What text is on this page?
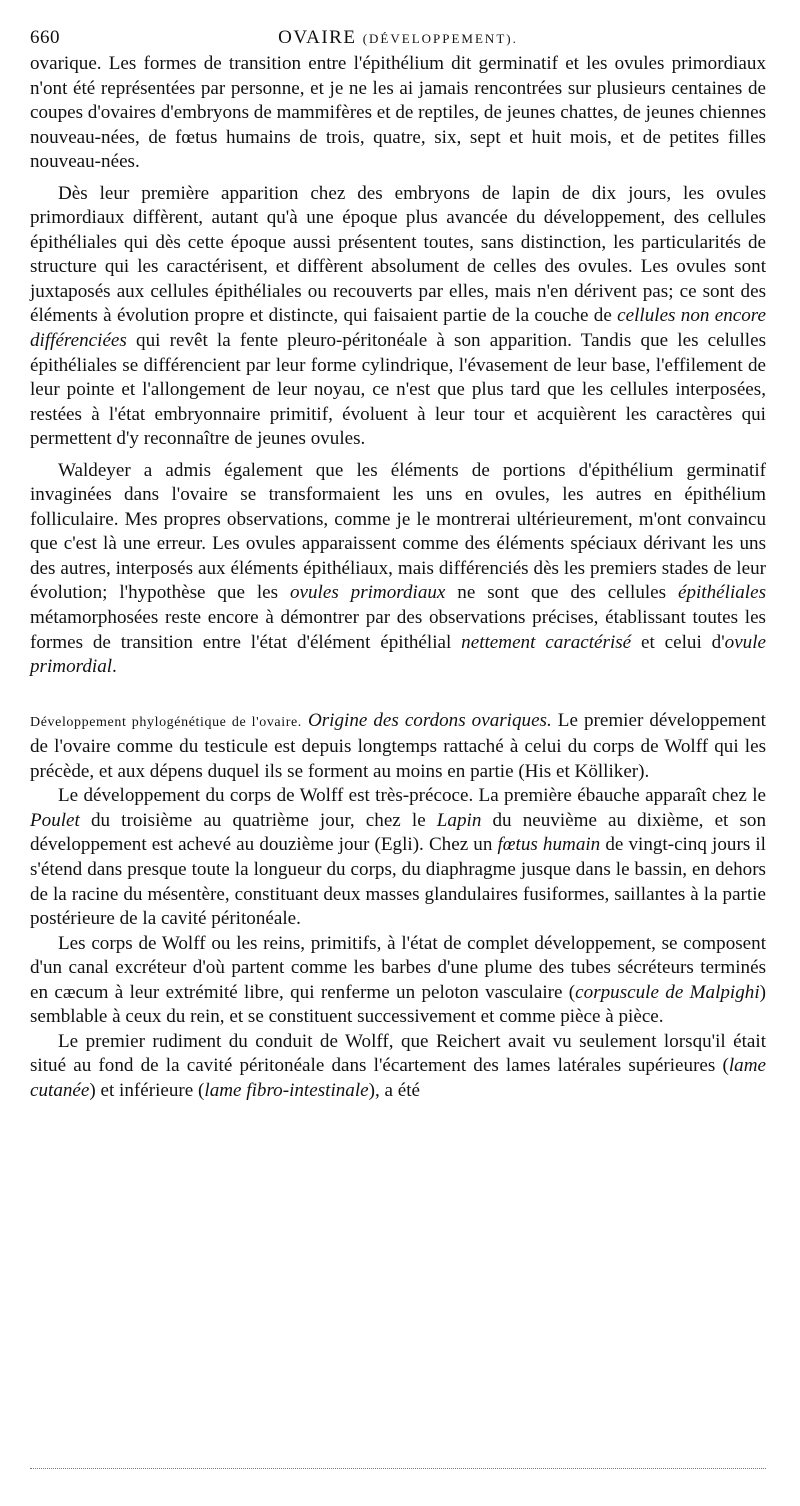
660	OVAIRE (DÉVELOPPEMENT).

ovarique. Les formes de transition entre l'épithélium dit germinatif et les ovules primordiaux n'ont été représentées par personne, et je ne les ai jamais rencontrées sur plusieurs centaines de coupes d'ovaires d'embryons de mammifères et de reptiles, de jeunes chattes, de jeunes chiennes nouveau-nées, de fœtus humains de trois, quatre, six, sept et huit mois, et de petites filles nouveau-nées.

Dès leur première apparition chez des embryons de lapin de dix jours, les ovules primordiaux diffèrent, autant qu'à une époque plus avancée du développement, des cellules épithéliales qui dès cette époque aussi présentent toutes, sans distinction, les particularités de structure qui les caractérisent, et diffèrent absolument de celles des ovules. Les ovules sont juxtaposés aux cellules épithéliales ou recouverts par elles, mais n'en dérivent pas; ce sont des éléments à évolution propre et distincte, qui faisaient partie de la couche de cellules non encore différenciées qui revêt la fente pleuro-péritonéale à son apparition. Tandis que les celulles épithéliales se différencient par leur forme cylindrique, l'évasement de leur base, l'effilement de leur pointe et l'allongement de leur noyau, ce n'est que plus tard que les cellules interposées, restées à l'état embryonnaire primitif, évoluent à leur tour et acquièrent les caractères qui permettent d'y reconnaître de jeunes ovules.

Waldeyer a admis également que les éléments de portions d'épithélium germinatif invaginées dans l'ovaire se transformaient les uns en ovules, les autres en épithélium folliculaire. Mes propres observations, comme je le montrerai ultérieurement, m'ont convaincu que c'est là une erreur. Les ovules apparaissent comme des éléments spéciaux dérivant les uns des autres, interposés aux éléments épithéliaux, mais différenciés dès les premiers stades de leur évolution; l'hypothèse que les ovules primordiaux ne sont que des cellules épithéliales métamorphosées reste encore à démontrer par des observations précises, établissant toutes les formes de transition entre l'état d'élément épithélial nettement caractérisé et celui d'ovule primordial.

Développement phylogénétique de l'ovaire. Origine des cordons ovariques. Le premier développement de l'ovaire comme du testicule est depuis longtemps rattaché à celui du corps de Wolff qui les précède, et aux dépens duquel ils se forment au moins en partie (His et Kölliker).

Le développement du corps de Wolff est très-précoce. La première ébauche apparaît chez le Poulet du troisième au quatrième jour, chez le Lapin du neuvième au dixième, et son développement est achevé au douzième jour (Egli). Chez un fœtus humain de vingt-cinq jours il s'étend dans presque toute la longueur du corps, du diaphragme jusque dans le bassin, en dehors de la racine du mésentère, constituant deux masses glandulaires fusiformes, saillantes à la partie postérieure de la cavité péritonéale.

Les corps de Wolff ou les reins, primitifs, à l'état de complet développement, se composent d'un canal excréteur d'où partent comme les barbes d'une plume des tubes sécréteurs terminés en cæcum à leur extrémité libre, qui renferme un peloton vasculaire (corpuscule de Malpighi) semblable à ceux du rein, et se constituent successivement et comme pièce à pièce.

Le premier rudiment du conduit de Wolff, que Reichert avait vu seulement lorsqu'il était situé au fond de la cavité péritonéale dans l'écartement des lames latérales supérieures (lame cutanée) et inférieure (lame fibro-intestinale), a été
